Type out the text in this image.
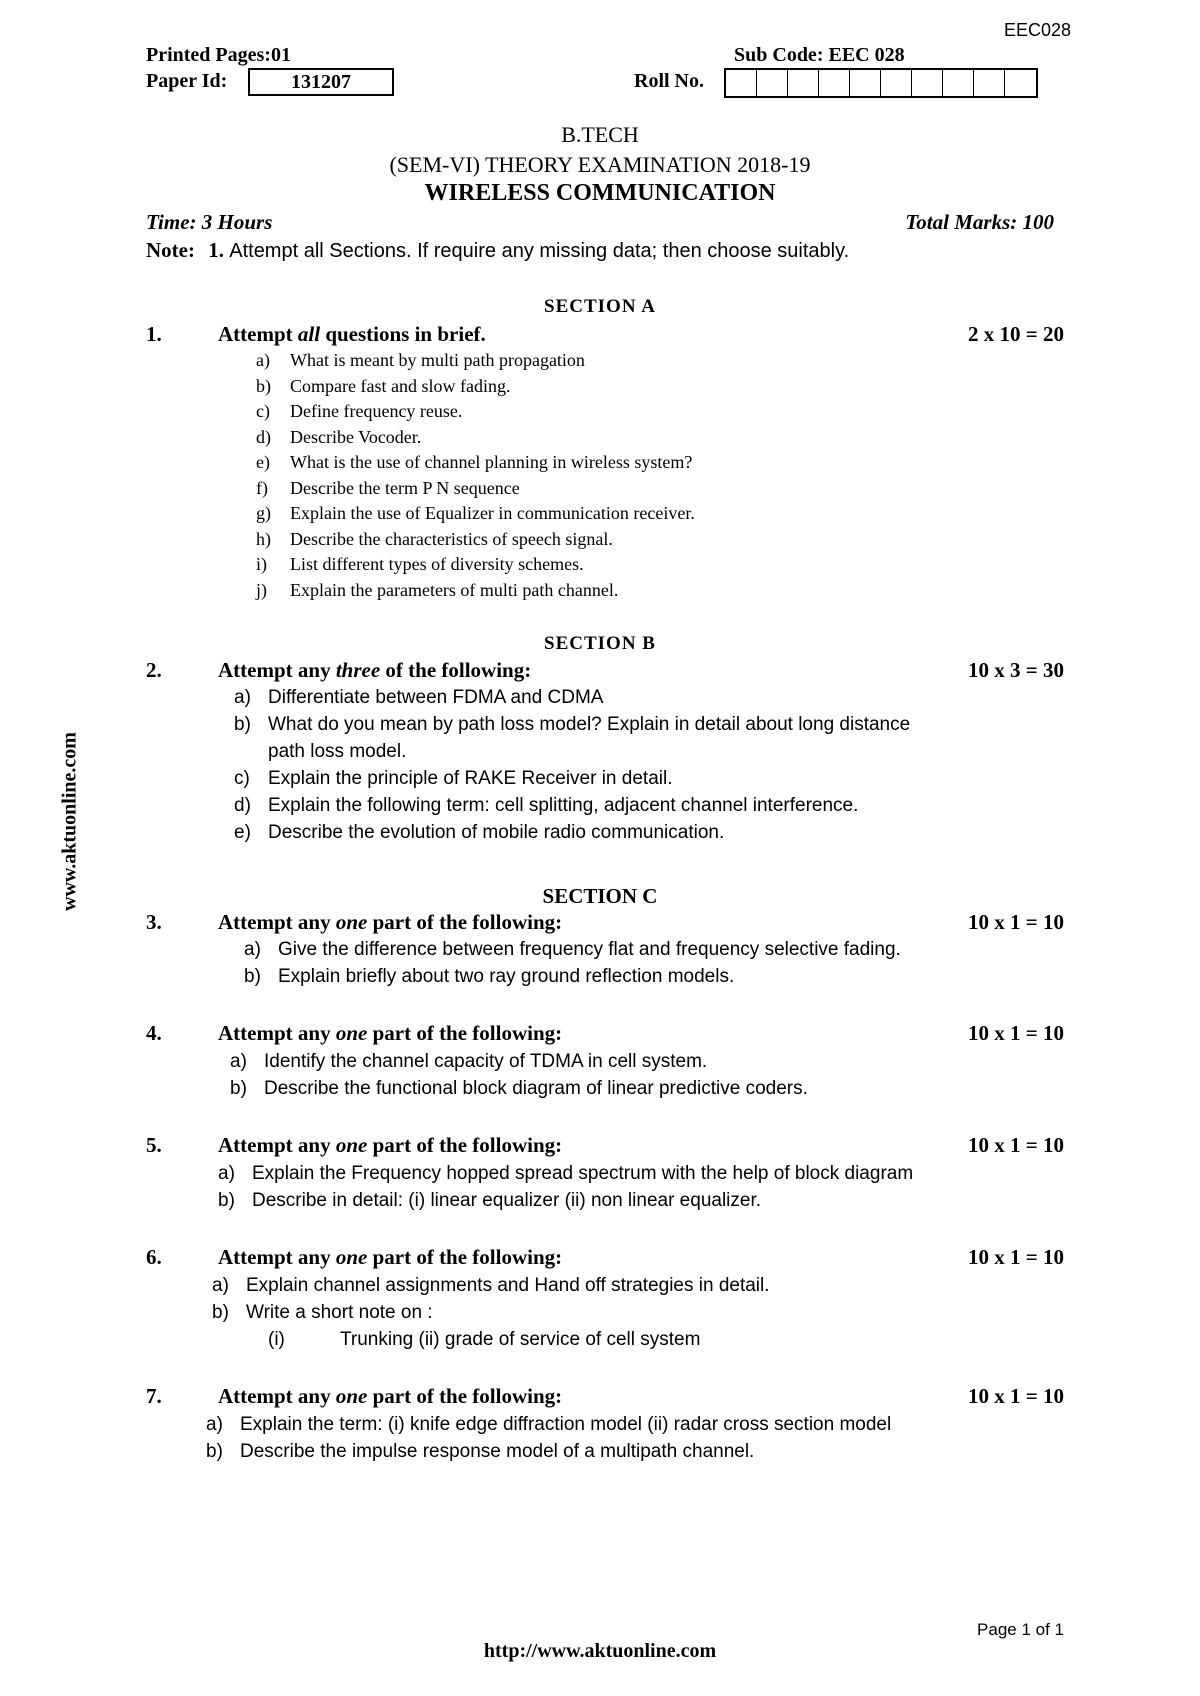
EEC028
Printed Pages:01	Sub Code: EEC 028
Paper Id:	131207	Roll No.
B.TECH
(SEM-VI) THEORY EXAMINATION 2018-19
WIRELESS COMMUNICATION
Time: 3 Hours	Total Marks: 100
Note: 1. Attempt all Sections. If require any missing data; then choose suitably.
SECTION A
1.	Attempt all questions in brief.	2 x 10 = 20
a) What is meant by multi path propagation
b) Compare fast and slow fading.
c) Define frequency reuse.
d) Describe Vocoder.
e) What is the use of channel planning in wireless system?
f) Describe the term P N sequence
g) Explain the use of Equalizer in communication receiver.
h) Describe the characteristics of speech signal.
i) List different types of diversity schemes.
j) Explain the parameters of multi path channel.
SECTION B
2.	Attempt any three of the following:	10 x 3 = 30
a) Differentiate between FDMA and CDMA
b) What do you mean by path loss model? Explain in detail about long distance
path loss model.
c) Explain the principle of RAKE Receiver in detail.
d) Explain the following term: cell splitting, adjacent channel interference.
e) Describe the evolution of mobile radio communication.
SECTION C
3.	Attempt any one part of the following:	10 x 1 = 10
a) Give the difference between frequency flat and frequency selective fading.
b) Explain briefly about two ray ground reflection models.
4.	Attempt any one part of the following:	10 x 1 = 10
a) Identify the channel capacity of TDMA in cell system.
b) Describe the functional block diagram of linear predictive coders.
5.	Attempt any one part of the following:	10 x 1 = 10
a) Explain the Frequency hopped spread spectrum with the help of block diagram
b) Describe in detail: (i) linear equalizer (ii) non linear equalizer.
6.	Attempt any one part of the following:	10 x 1 = 10
a) Explain channel assignments and Hand off strategies in detail.
b) Write a short note on :
(i)	Trunking (ii) grade of service of cell system
7.	Attempt any one part of the following:	10 x 1 = 10
a) Explain the term: (i) knife edge diffraction model (ii) radar cross section model
b) Describe the impulse response model of a multipath channel.
www.aktuonline.com
Page 1 of 1
http://www.aktuonline.com
